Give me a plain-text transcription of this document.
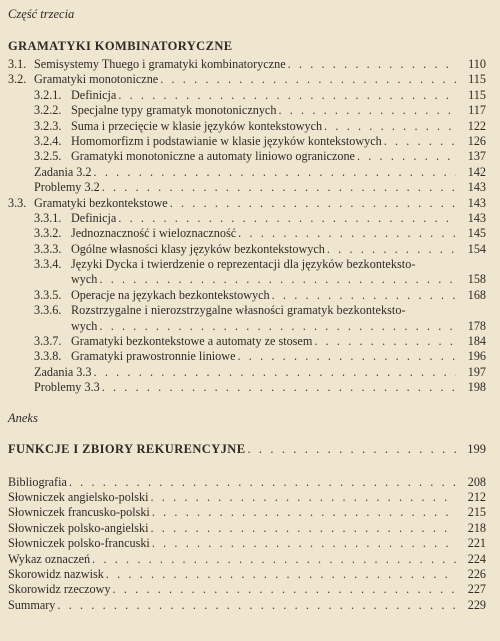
Część trzecia
GRAMATYKI KOMBINATORYCZNE
3.1. Semisystemy Thuego i gramatyki kombinatoryczne . . .	110
3.2. Gramatyki monotoniczne . . .	115
3.2.1. Definicja . . .	115
3.2.2. Specjalne typy gramatyk monotonicznych . . .	117
3.2.3. Suma i przecięcie w klasie języków kontekstowych . . .	122
3.2.4. Homomorfizm i podstawianie w klasie języków kontekstowych . . .	126
3.2.5. Gramatyki monotoniczne a automaty liniowo ograniczone . . .	137
Zadania 3.2 . . .	142
Problemy 3.2 . . .	143
3.3. Gramatyki bezkontekstowe . . .	143
3.3.1. Definicja . . .	143
3.3.2. Jednoznaczność i wieloznaczność . . .	145
3.3.3. Ogólne własności klasy języków bezkontekstowych . . .	154
3.3.4. Języki Dycka i twierdzenie o reprezentacji dla języków bezkonteksto-
wych . . .	158
3.3.5. Operacje na językach bezkontekstowych . . .	168
3.3.6. Rozstrzygalne i nierozstrzygalne własności gramatyk bezkonteksto-
wych . . .	178
3.3.7. Gramatyki bezkontekstowe a automaty ze stosem . . .	184
3.3.8. Gramatyki prawostronnie liniowe . . .	196
Zadania 3.3 . . .	197
Problemy 3.3 . . .	198
Aneks
FUNKCJE I ZBIORY REKURENCYJNE . . .	199
Bibliografia . . .	208
Słowniczek angielsko-polski . . .	212
Słowniczek francusko-polski . . .	215
Słowniczek polsko-angielski . . .	218
Słowniczek polsko-francuski . . .	221
Wykaz oznaczeń . . .	224
Skorowidz nazwisk . . .	226
Skorowidz rzeczowy . . .	227
Summary . . .	229
